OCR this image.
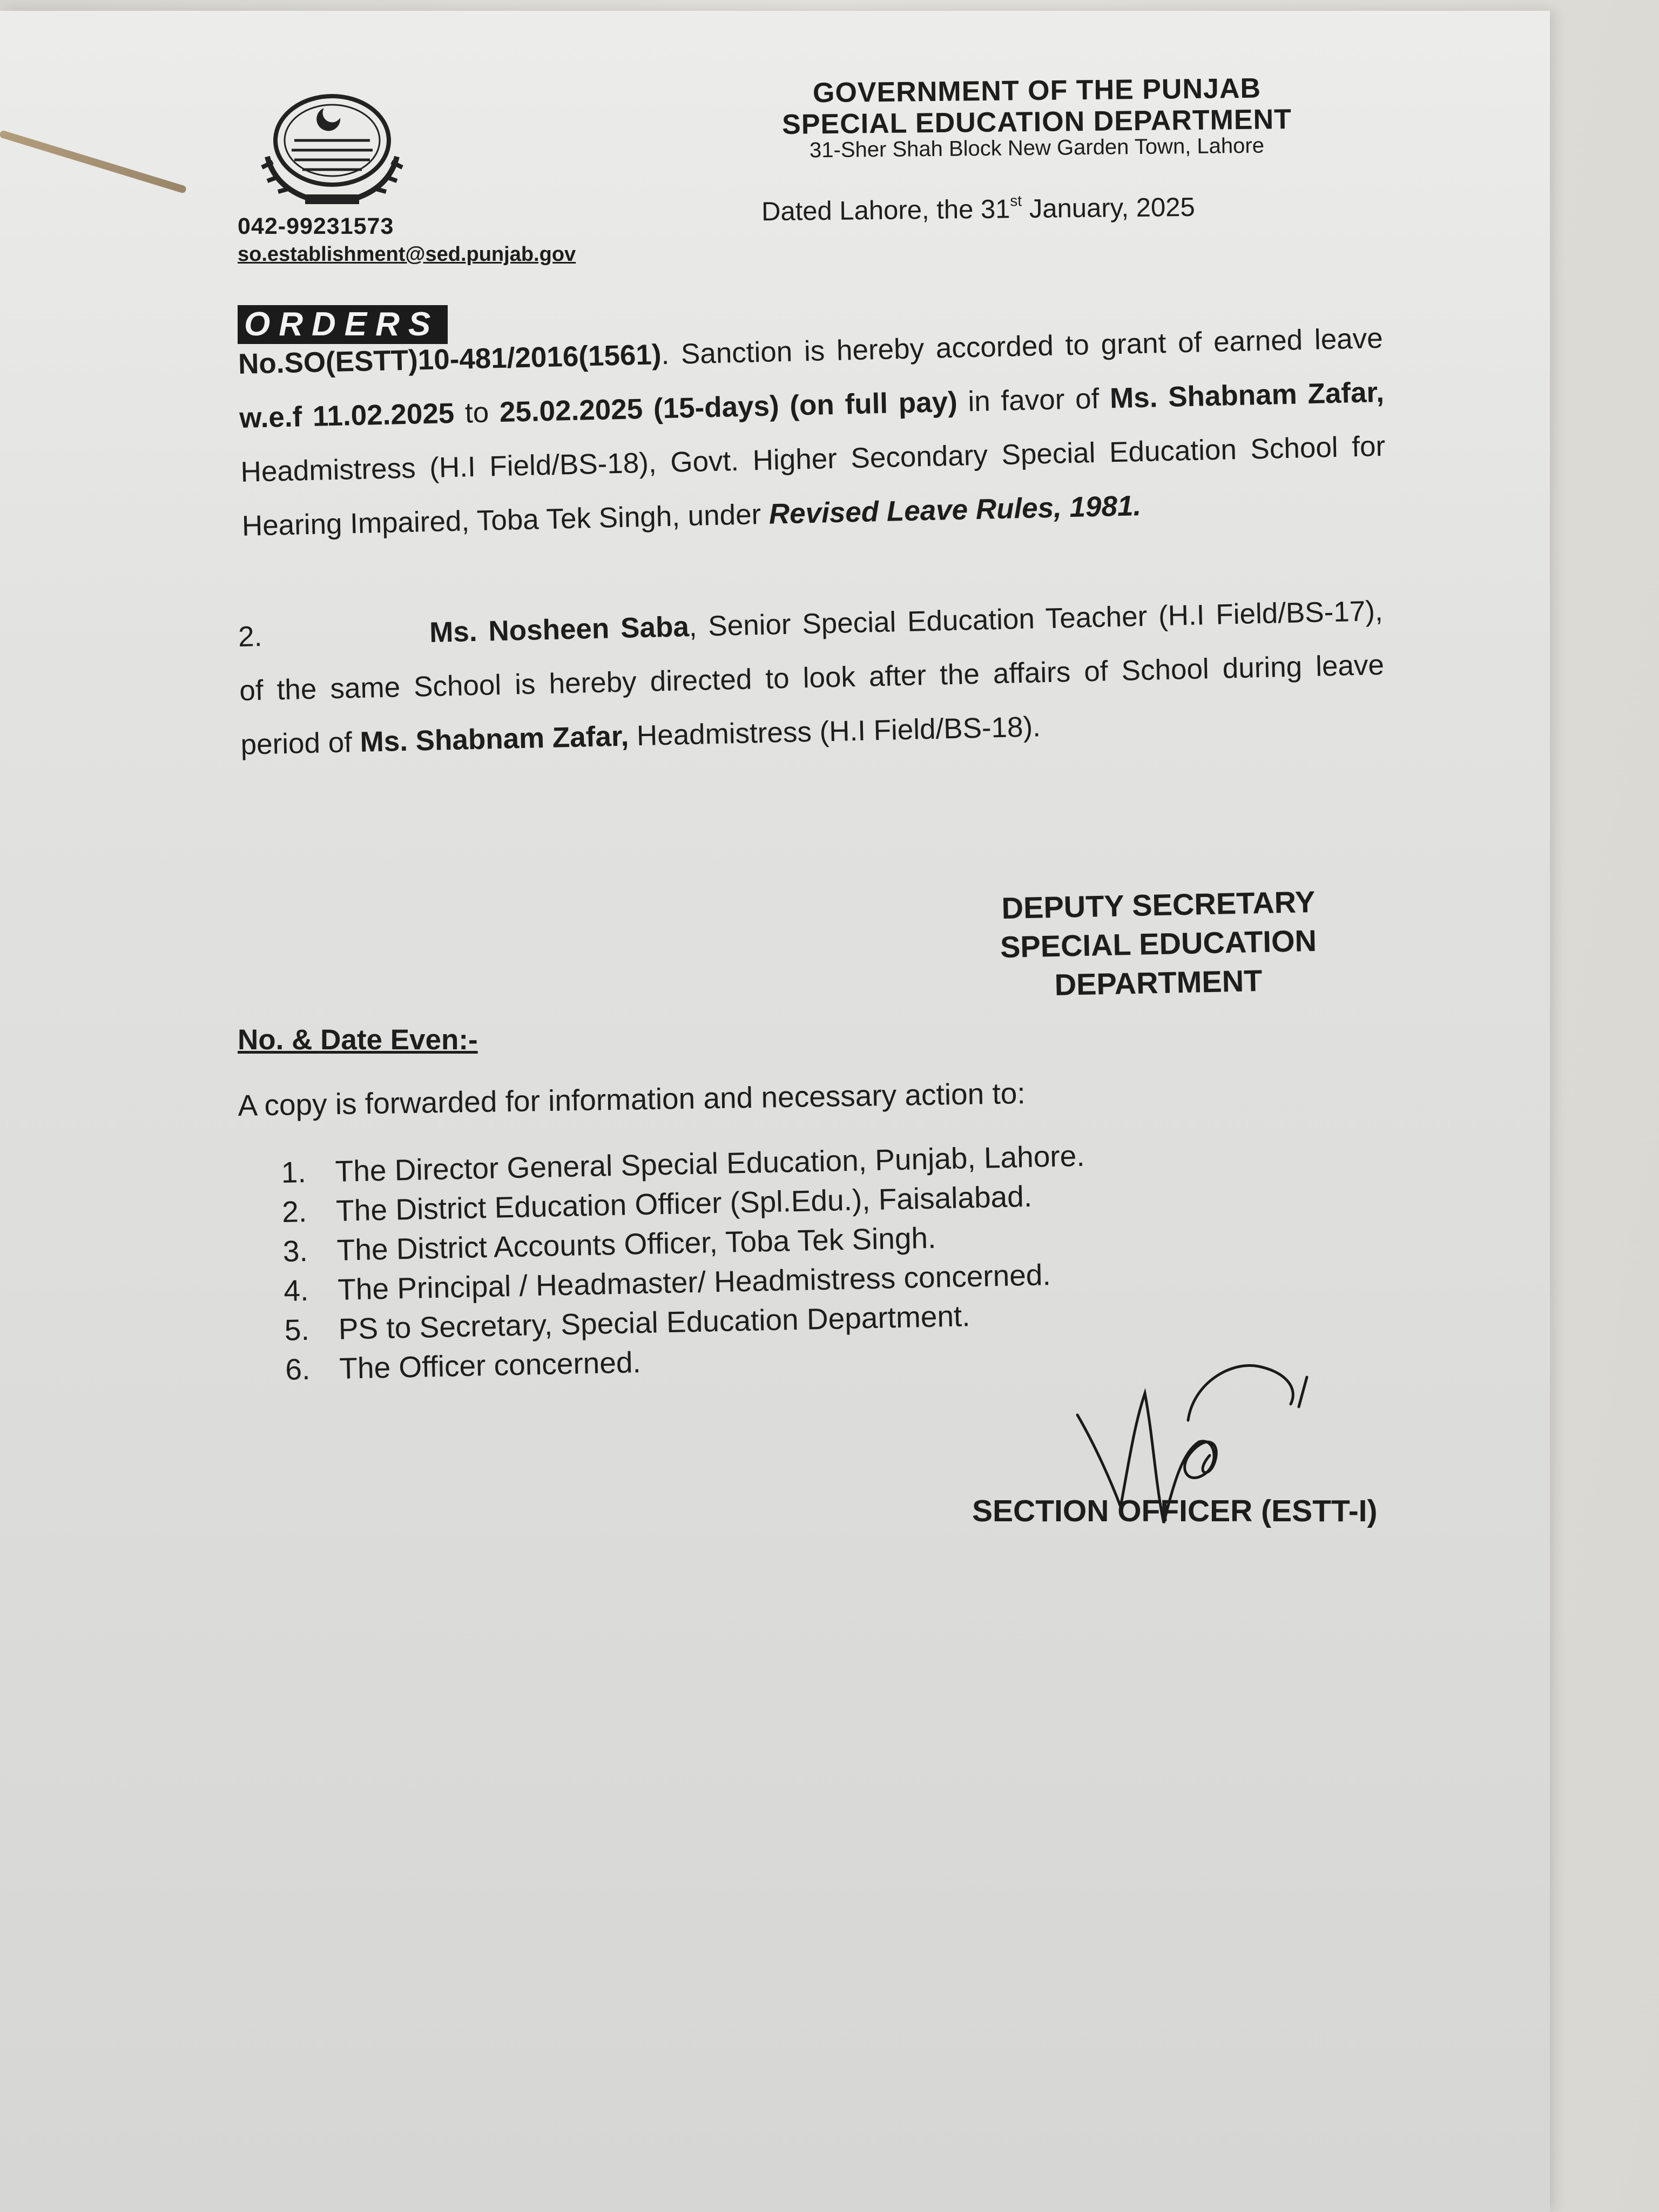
042-99231573
so.establishment@sed.punjab.gov
GOVERNMENT OF THE PUNJAB
SPECIAL EDUCATION DEPARTMENT
31-Sher Shah Block New Garden Town, Lahore
Dated Lahore, the 31st January, 2025
ORDERS
No.SO(ESTT)10-481/2016(1561). Sanction is hereby accorded to grant of earned leave w.e.f 11.02.2025 to 25.02.2025 (15-days) (on full pay) in favor of Ms. Shabnam Zafar, Headmistress (H.I Field/BS-18), Govt. Higher Secondary Special Education School for Hearing Impaired, Toba Tek Singh, under Revised Leave Rules, 1981.
2.	Ms. Nosheen Saba, Senior Special Education Teacher (H.I Field/BS-17), of the same School is hereby directed to look after the affairs of School during leave period of Ms. Shabnam Zafar, Headmistress (H.I Field/BS-18).
DEPUTY SECRETARY
SPECIAL EDUCATION
DEPARTMENT
No. & Date Even:-
A copy is forwarded for information and necessary action to:
1. The Director General Special Education, Punjab, Lahore.
2. The District Education Officer (Spl.Edu.), Faisalabad.
3. The District Accounts Officer, Toba Tek Singh.
4. The Principal / Headmaster/ Headmistress concerned.
5. PS to Secretary, Special Education Department.
6. The Officer concerned.
SECTION OFFICER (ESTT-I)
